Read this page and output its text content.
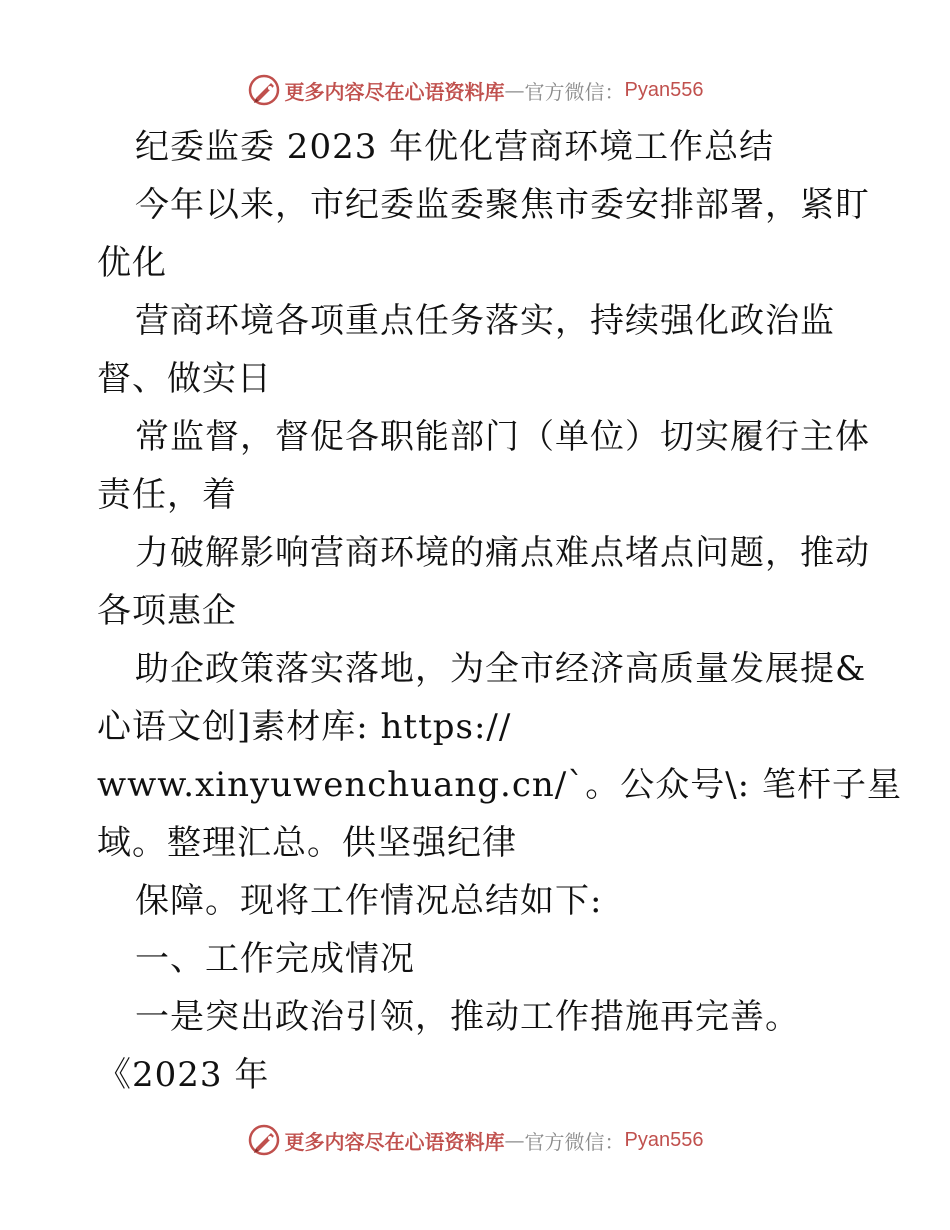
更多内容尽在心语资料库 — 官方微信： Pyan556
纪委监委 2023 年优化营商环境工作总结
今年以来，市纪委监委聚焦市委安排部署，紧盯
优化
营商环境各项重点任务落实，持续强化政治监
督、做实日
常监督，督促各职能部门（单位）切实履行主体
责任，着
力破解影响营商环境的痛点难点堵点问题，推动
各项惠企
助企政策落实落地，为全市经济高质量发展提&
心语文创]素材库: https://
www.xinyuwenchuang.cn/`。公众号\: 笔杆子星
域。整理汇总。供坚强纪律
保障。现将工作情况总结如下:
一、工作完成情况
一是突出政治引领，推动工作措施再完善。
《2023 年
更多内容尽在心语资料库 — 官方微信： Pyan556
